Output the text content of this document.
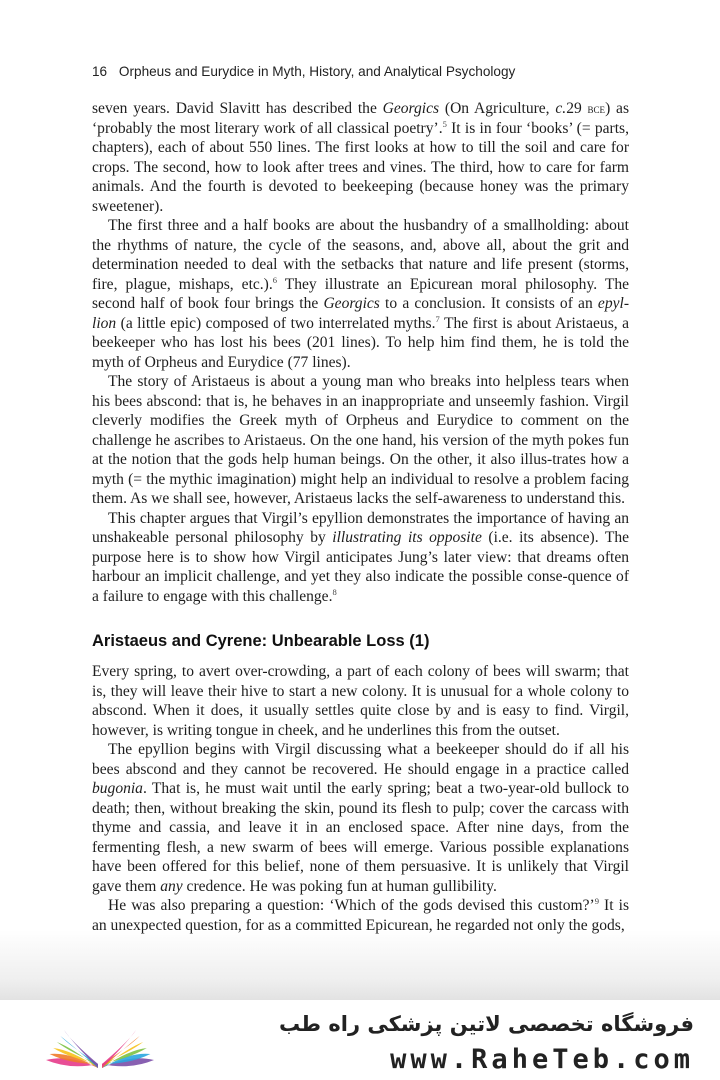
16 Orpheus and Eurydice in Myth, History, and Analytical Psychology

seven years. David Slavitt has described the Georgics (On Agriculture, c.29 bce) as ‘probably the most literary work of all classical poetry’.$^5$ It is in four ‘books’ (= parts, chapters), each of about 550 lines. The first looks at how to till the soil and care for crops. The second, how to look after trees and vines. The third, how to care for farm animals. And the fourth is devoted to beekeeping (because honey was the primary sweetener).

The first three and a half books are about the husbandry of a smallholding: about the rhythms of nature, the cycle of the seasons, and, above all, about the grit and determination needed to deal with the setbacks that nature and life present (storms, fire, plague, mishaps, etc.).$^6$ They illustrate an Epicurean moral philosophy. The second half of book four brings the Georgics to a conclusion. It consists of an epyl-lion (a little epic) composed of two interrelated myths.$^7$ The first is about Aristaeus, a beekeeper who has lost his bees (201 lines). To help him find them, he is told the myth of Orpheus and Eurydice (77 lines).

The story of Aristaeus is about a young man who breaks into helpless tears when his bees abscond: that is, he behaves in an inappropriate and unseemly fashion. Virgil cleverly modifies the Greek myth of Orpheus and Eurydice to comment on the challenge he ascribes to Aristaeus. On the one hand, his version of the myth pokes fun at the notion that the gods help human beings. On the other, it also illus-trates how a myth (= the mythic imagination) might help an individual to resolve a problem facing them. As we shall see, however, Aristaeus lacks the self-awareness to understand this.

This chapter argues that Virgil’s epyllion demonstrates the importance of having an unshakeable personal philosophy by illustrating its opposite (i.e. its absence). The purpose here is to show how Virgil anticipates Jung’s later view: that dreams often harbour an implicit challenge, and yet they also indicate the possible conse-quence of a failure to engage with this challenge.$^8$

Aristaeus and Cyrene: Unbearable Loss (1)

Every spring, to avert over-crowding, a part of each colony of bees will swarm; that is, they will leave their hive to start a new colony. It is unusual for a whole colony to abscond. When it does, it usually settles quite close by and is easy to find. Virgil, however, is writing tongue in cheek, and he underlines this from the outset.

The epyllion begins with Virgil discussing what a beekeeper should do if all his bees abscond and they cannot be recovered. He should engage in a practice called bugonia. That is, he must wait until the early spring; beat a two-year-old bullock to death; then, without breaking the skin, pound its flesh to pulp; cover the carcass with thyme and cassia, and leave it in an enclosed space. After nine days, from the fermenting flesh, a new swarm of bees will emerge. Various possible explanations have been offered for this belief, none of them persuasive. It is unlikely that Virgil gave them any credence. He was poking fun at human gullibility.

He was also preparing a question: ‘Which of the gods devised this custom?’$^9$ It is an unexpected question, for as a committed Epicurean, he regarded not only the gods,

فروشگاه تخصصی لاتین پزشکی راه طب
www.RaheTeb.com
